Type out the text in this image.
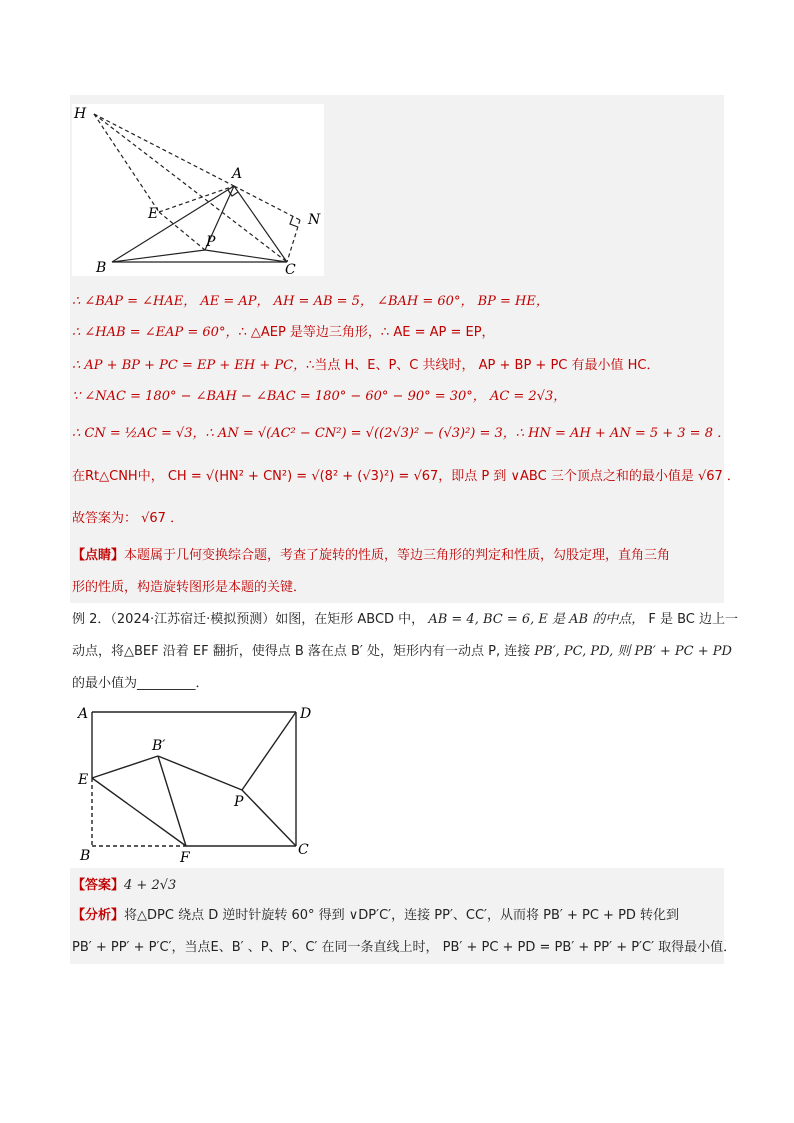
H
A
E	N
P
B	C
∴ ∠BAP = ∠HAE， AE = AP， AH = AB = 5， ∠BAH = 60°， BP = HE，
∴ ∠HAB = ∠EAP = 60°，∴ △AEP 是等边三角形，∴ AE = AP = EP，
∴ AP + BP + PC = EP + EH + PC，∴当点 H、E、P、C 共线时， AP + BP + PC 有最小值 HC．
∵ ∠NAC = 180° − ∠BAH − ∠BAC = 180° − 60° − 90° = 30°， AC = 2√3，
∴ CN = ½AC = √3，∴ AN = √(AC² − CN²) = √((2√3)² − (√3)²) = 3，∴ HN = AH + AN = 5 + 3 = 8 ．
在Rt△CNH中， CH = √(HN² + CN²) = √(8² + (√3)²) = √67，即点 P 到 ∨ABC 三个顶点之和的最小值是 √67 ．
故答案为： √67 ．
【点睛】本题属于几何变换综合题，考查了旋转的性质，等边三角形的判定和性质，勾股定理，直角三角
形的性质，构造旋转图形是本题的关键．
例 2．（2024·江苏宿迁·模拟预测）如图，在矩形 ABCD 中， AB = 4, BC = 6, E 是 AB 的中点， F 是 BC 边上一
动点，将△BEF 沿着 EF 翻折，使得点 B 落在点 B′ 处，矩形内有一动点 P, 连接 PB′, PC, PD, 则 PB′ + PC + PD
的最小值为_________．
A	D
B′
E
P
B	F	C
【答案】4 + 2√3
【分析】将△DPC 绕点 D 逆时针旋转 60° 得到 ∨DP′C′，连接 PP′、CC′，从而将 PB′ + PC + PD 转化到
PB′ + PP′ + P′C′，当点E、B′ 、P、P′、C′ 在同一条直线上时， PB′ + PC + PD = PB′ + PP′ + P′C′ 取得最小值．
